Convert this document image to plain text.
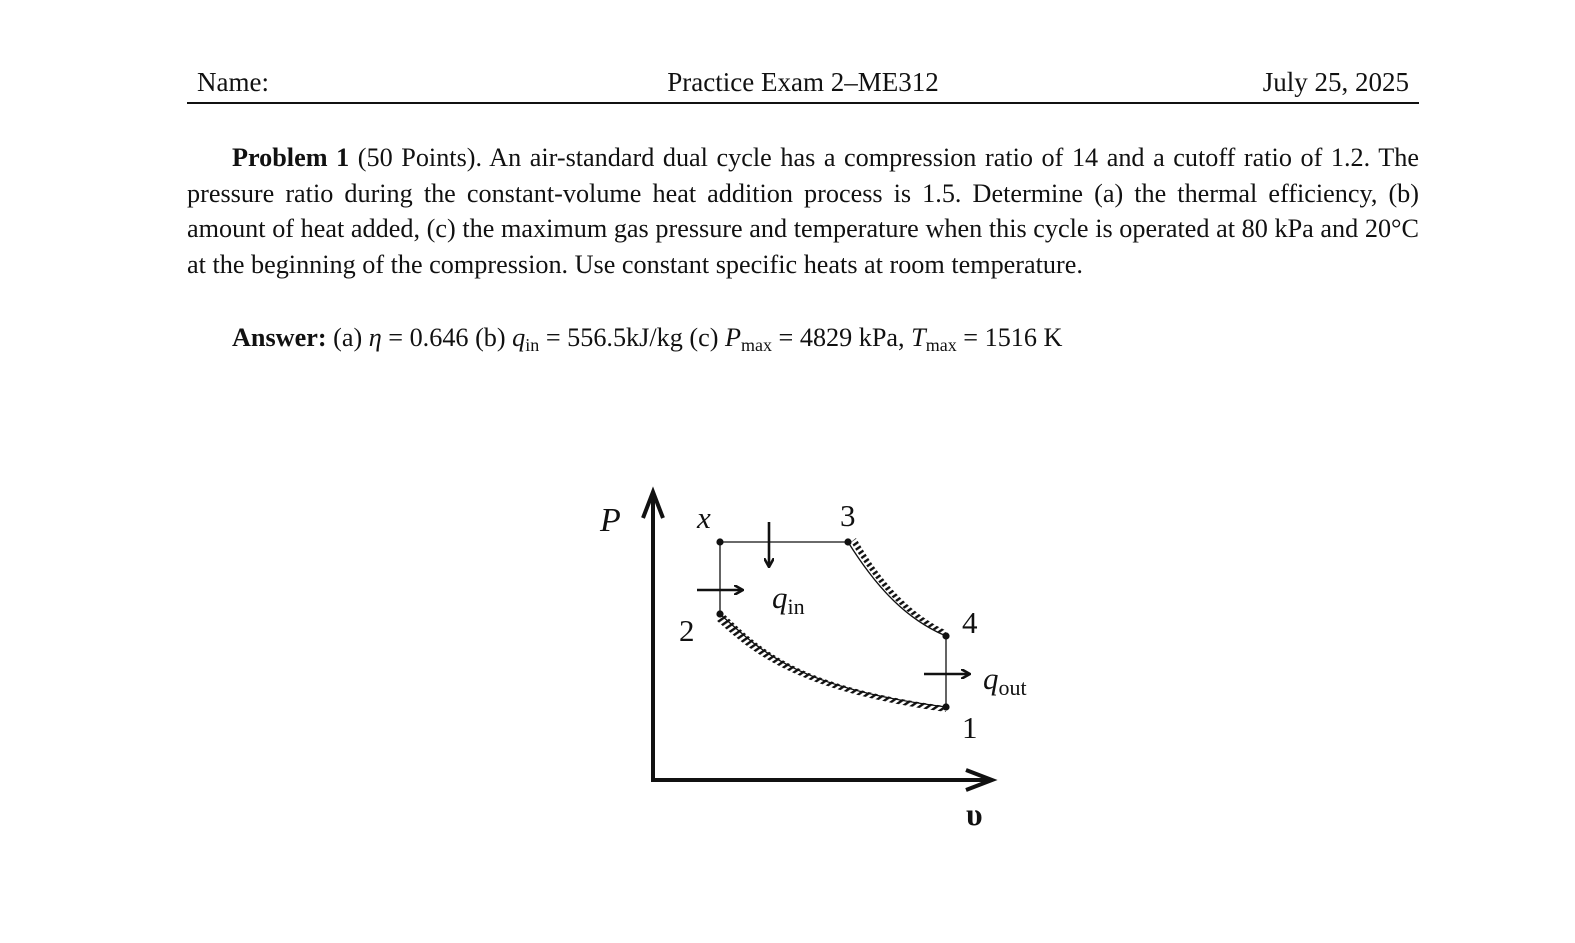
Name:	Practice Exam 2–ME312	July 25, 2025
Problem 1 (50 Points). An air-standard dual cycle has a compression ratio of 14 and a cutoff ratio of 1.2. The pressure ratio during the constant-volume heat addition process is 1.5. Determine (a) the thermal efficiency, (b) amount of heat added, (c) the maximum gas pressure and temperature when this cycle is operated at 80 kPa and 20°C at the beginning of the compression. Use constant specific heats at room temperature.
Answer: (a) η = 0.646 (b) $q_{in} = 556.5kJ/kg$ (c) $P_{max} = 4829$ kPa, $T_{max} = 1516$ K
P
υ
x	3
2	4
1
qin
qout
